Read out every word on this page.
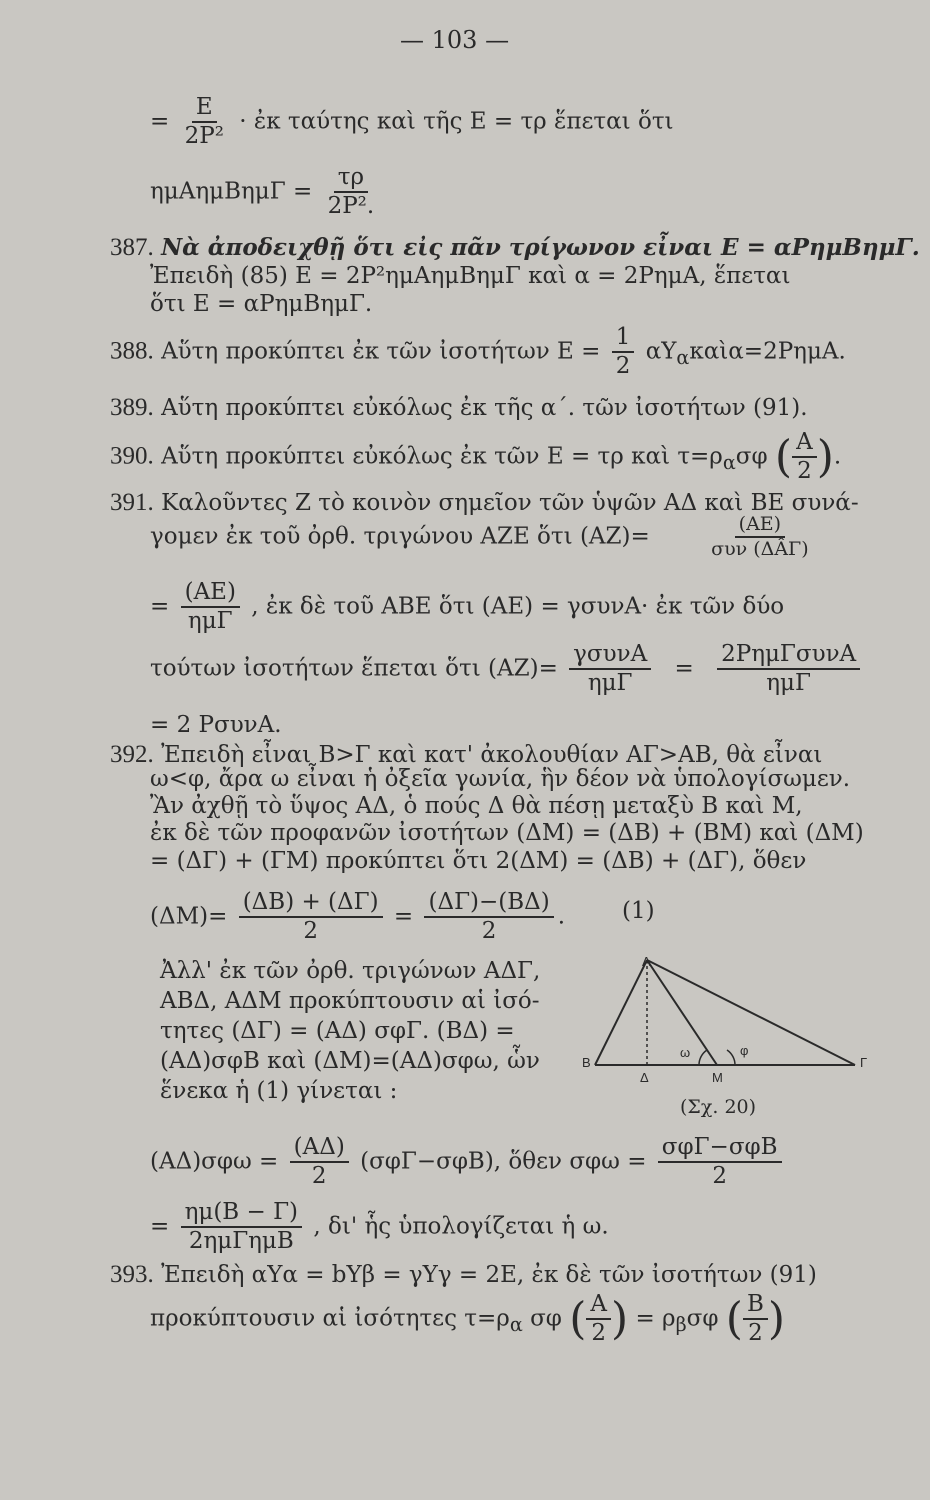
— 103 —
= $\frac{E}{\text{2P²}}$ · ἐκ ταύτης καὶ τῆς E = τρ ἕπεται ὅτι
$\eta\mu A\eta\mu B\eta\mu\Gamma = \frac{\tau\rho}{\text{2P².}}$
387. Νὰ ἀποδειχθῇ ὅτι εἰς πᾶν τρίγωνον εἶναι E = αPημBημΓ.
Ἐπειδὴ (85) E = 2P²ημAημBημΓ καὶ α = 2PημA, ἕπεται
ὅτι E = αPημBημΓ.
388. Αὕτη προκύπτει ἐκ τῶν ἰσοτήτων $E = \frac{1}{2}$ $\alpha\Upsilon_\alpha\kappa\alpha ὶ\alpha=2P\eta\mu A$.
389. Αὕτη προκύπτει εὐκόλως ἐκ τῆς α΄. τῶν ἰσοτήτων (91).
390. Αὕτη προκύπτει εὐκόλως ἐκ τῶν E = τρ καὶ $\tau=\rho_\alpha\sigma\varphi$ ( $\frac{A}{2}$ ).
391. Καλοῦντες Z τὸ κοινὸν σημεῖον τῶν ὑψῶν AΔ καὶ BE συνά-
γομεν ἐκ τοῦ ὀρθ. τριγώνου AZE ὅτι (AZ)=	$\frac{(AE)}{\text{συν (ΔÂΓ)}}$
= $\frac{(AE)}{\text{ημΓ}}$ , ἐκ δὲ τοῦ ABE ὅτι (AE) = γσυνA· ἐκ τῶν δύο
τούτων ἰσοτήτων ἕπεται ὅτι $(AZ)= \frac{\text{γσυνA}}{\text{ημΓ}} = \frac{\text{2PημΓσυνA}}{\text{ημΓ}}$
= 2 PσυνA.
392. Ἐπειδὴ εἶναι B>Γ καὶ κατ' ἀκολουθίαν AΓ>AB, θὰ εἶναι
ω<φ, ἄρα ω εἶναι ἡ ὀξεῖα γωνία, ἣν δέον νὰ ὑπολογίσωμεν.
Ἂν ἀχθῇ τὸ ὕψος AΔ, ὁ πούς Δ θὰ πέσῃ μεταξὺ B καὶ M,
ἐκ δὲ τῶν προφανῶν ἰσοτήτων (ΔM) = (ΔB) + (BM) καὶ (ΔM)
= (ΔΓ) + (ΓM) προκύπτει ὅτι 2(ΔM) = (ΔB) + (ΔΓ), ὅθεν
$(\Delta M)= \frac{(\Delta B) + (\Delta\Gamma)}{2} = \frac{(\Delta\Gamma)-(B\Delta)}{2}$ . (1)
Ἀλλ' ἐκ τῶν ὀρθ. τριγώνων AΔΓ,
ABΔ, AΔM προκύπτουσιν αἱ ἰσό-
τητες (ΔΓ) = (AΔ) σφΓ. (BΔ) =
(AΔ)σφB καὶ (ΔM)=(AΔ)σφω, ὧν
ἕνεκα ἡ (1) γίνεται :
A
B	Γ
Δ	M
ω	φ
(Σχ. 20)
$(A\Delta)\sigma\varphi\omega = \frac{(A\Delta)}{2} (\sigma\varphi\Gamma-\sigma\varphi B)$, ὅθεν $\sigma\varphi\omega = \frac{\text{σφΓ−σφB}}{2}$
= $\frac{\eta\mu(B - \Gamma)}{\text{2ημΓημB}}$ , δι' ἧς ὑπολογίζεται ἡ ω.
393. Ἐπειδὴ αΥα = bΥβ = γΥγ = 2E, ἐκ δὲ τῶν ἰσοτήτων (91)
προκύπτουσιν αἱ ἰσότητες $\tau=\rho_\alpha$ σφ ( $\frac{A}{2}$ ) = $\rho_\beta\sigma\varphi$ ( $\frac{B}{2}$ )
